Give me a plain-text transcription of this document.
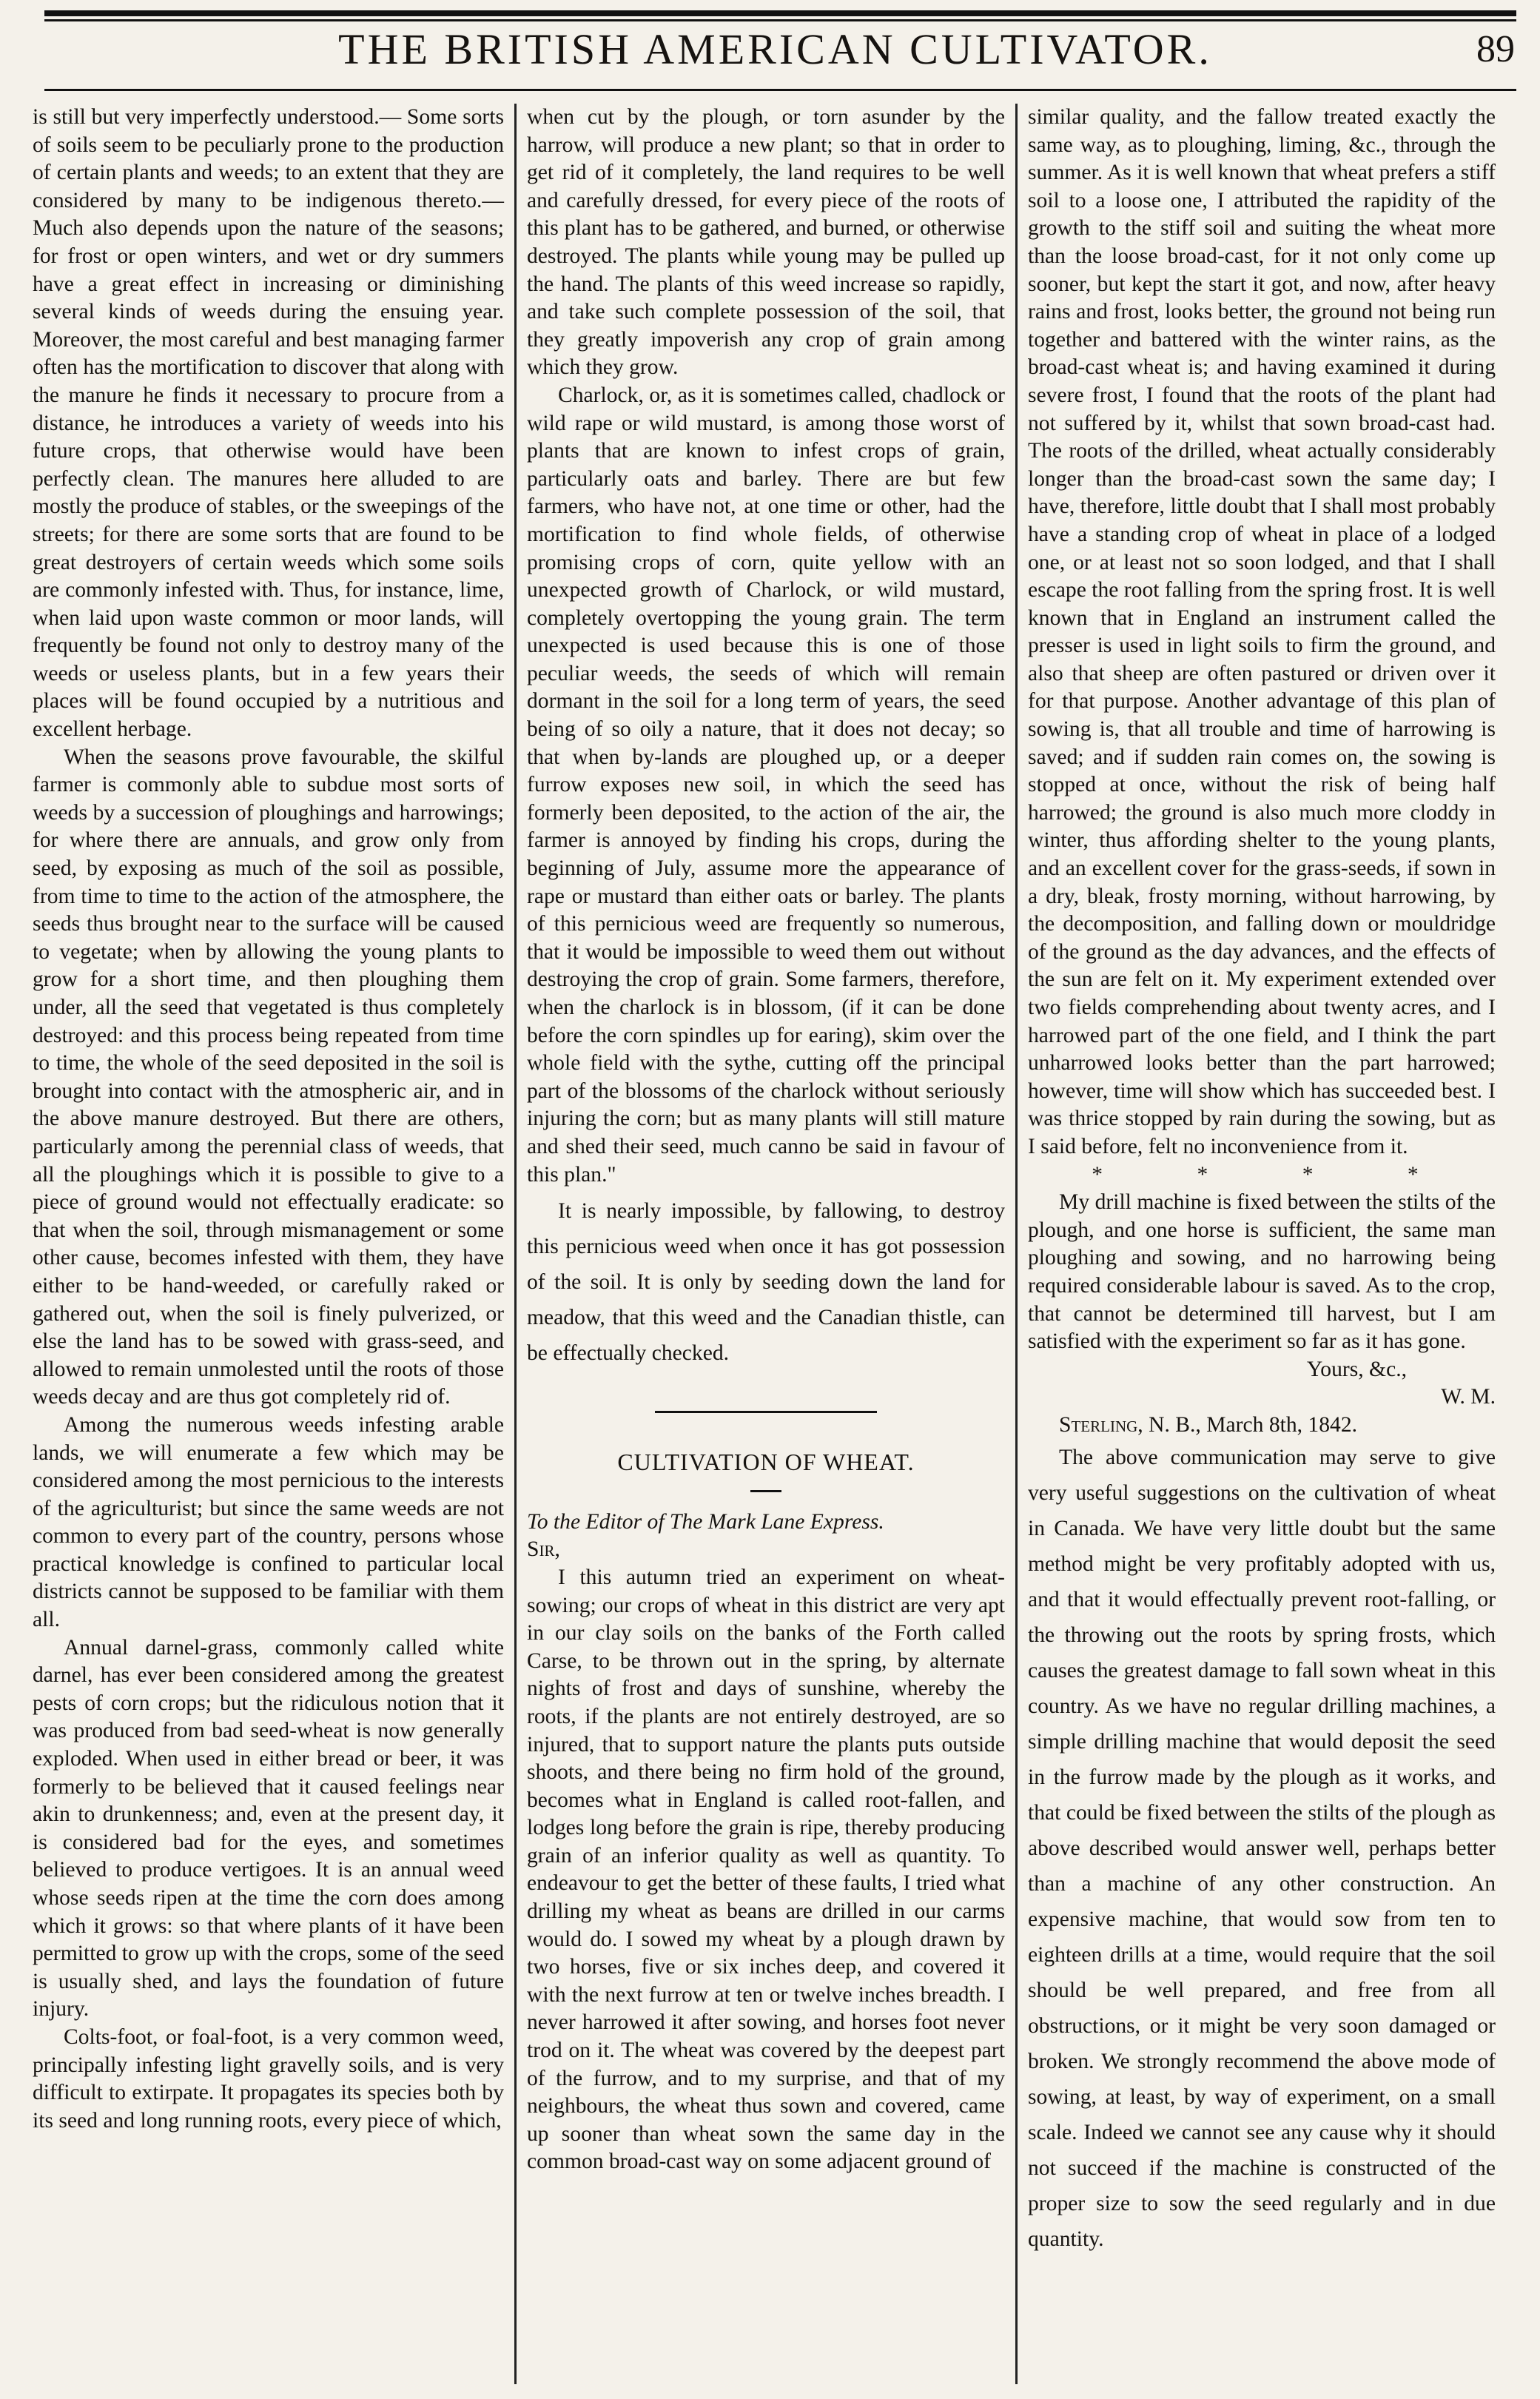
THE BRITISH AMERICAN CULTIVATOR.	89

is still but very imperfectly understood.— Some sorts of soils seem to be peculiarly prone to the production of certain plants and weeds; to an extent that they are considered by many to be indigenous thereto.— Much also depends upon the nature of the seasons; for frost or open winters, and wet or dry summers have a great effect in increasing or diminishing several kinds of weeds during the ensuing year. Moreover, the most careful and best managing farmer often has the mortification to discover that along with the manure he finds it necessary to procure from a distance, he introduces a variety of weeds into his future crops, that otherwise would have been perfectly clean. The manures here alluded to are mostly the produce of stables, or the sweepings of the streets; for there are some sorts that are found to be great destroyers of certain weeds which some soils are commonly infested with. Thus, for instance, lime, when laid upon waste common or moor lands, will frequently be found not only to destroy many of the weeds or useless plants, but in a few years their places will be found occupied by a nutritious and excellent herbage.

When the seasons prove favourable, the skilful farmer is commonly able to subdue most sorts of weeds by a succession of ploughings and harrowings; for where there are annuals, and grow only from seed, by exposing as much of the soil as possible, from time to time to the action of the atmosphere, the seeds thus brought near to the surface will be caused to vegetate; when by allowing the young plants to grow for a short time, and then ploughing them under, all the seed that vegetated is thus completely destroyed: and this process being repeated from time to time, the whole of the seed deposited in the soil is brought into contact with the atmospheric air, and in the above manure destroyed. But there are others, particularly among the perennial class of weeds, that all the ploughings which it is possible to give to a piece of ground would not effectually eradicate: so that when the soil, through mismanagement or some other cause, becomes infested with them, they have either to be hand-weeded, or carefully raked or gathered out, when the soil is finely pulverized, or else the land has to be sowed with grass-seed, and allowed to remain unmolested until the roots of those weeds decay and are thus got completely rid of.

Among the numerous weeds infesting arable lands, we will enumerate a few which may be considered among the most pernicious to the interests of the agriculturist; but since the same weeds are not common to every part of the country, persons whose practical knowledge is confined to particular local districts cannot be supposed to be familiar with them all.

Annual darnel-grass, commonly called white darnel, has ever been considered among the greatest pests of corn crops; but the ridiculous notion that it was produced from bad seed-wheat is now generally exploded. When used in either bread or beer, it was formerly to be believed that it caused feelings near akin to drunkenness; and, even at the present day, it is considered bad for the eyes, and sometimes believed to produce vertigoes. It is an annual weed whose seeds ripen at the time the corn does among which it grows: so that where plants of it have been permitted to grow up with the crops, some of the seed is usually shed, and lays the foundation of future injury.

Colts-foot, or foal-foot, is a very common weed, principally infesting light gravelly soils, and is very difficult to extirpate. It propagates its species both by its seed and long running roots, every piece of which,

when cut by the plough, or torn asunder by the harrow, will produce a new plant; so that in order to get rid of it completely, the land requires to be well and carefully dressed, for every piece of the roots of this plant has to be gathered, and burned, or otherwise destroyed. The plants while young may be pulled up the hand. The plants of this weed increase so rapidly, and take such complete possession of the soil, that they greatly impoverish any crop of grain among which they grow.

Charlock, or, as it is sometimes called, chadlock or wild rape or wild mustard, is among those worst of plants that are known to infest crops of grain, particularly oats and barley. There are but few farmers, who have not, at one time or other, had the mortification to find whole fields, of otherwise promising crops of corn, quite yellow with an unexpected growth of Charlock, or wild mustard, completely overtopping the young grain. The term unexpected is used because this is one of those peculiar weeds, the seeds of which will remain dormant in the soil for a long term of years, the seed being of so oily a nature, that it does not decay; so that when by-lands are ploughed up, or a deeper furrow exposes new soil, in which the seed has formerly been deposited, to the action of the air, the farmer is annoyed by finding his crops, during the beginning of July, assume more the appearance of rape or mustard than either oats or barley. The plants of this pernicious weed are frequently so numerous, that it would be impossible to weed them out without destroying the crop of grain. Some farmers, therefore, when the charlock is in blossom, (if it can be done before the corn spindles up for earing), skim over the whole field with the sythe, cutting off the principal part of the blossoms of the charlock without seriously injuring the corn; but as many plants will still mature and shed their seed, much canno be said in favour of this plan."

It is nearly impossible, by fallowing, to destroy this pernicious weed when once it has got possession of the soil. It is only by seeding down the land for meadow, that this weed and the Canadian thistle, can be effectually checked.

CULTIVATION OF WHEAT.

To the Editor of The Mark Lane Express.

Sir,

I this autumn tried an experiment on wheat-sowing; our crops of wheat in this district are very apt in our clay soils on the banks of the Forth called Carse, to be thrown out in the spring, by alternate nights of frost and days of sunshine, whereby the roots, if the plants are not entirely destroyed, are so injured, that to support nature the plants puts outside shoots, and there being no firm hold of the ground, becomes what in England is called root-fallen, and lodges long before the grain is ripe, thereby producing grain of an inferior quality as well as quantity. To endeavour to get the better of these faults, I tried what drilling my wheat as beans are drilled in our carms would do. I sowed my wheat by a plough drawn by two horses, five or six inches deep, and covered it with the next furrow at ten or twelve inches breadth. I never harrowed it after sowing, and horses foot never trod on it. The wheat was covered by the deepest part of the furrow, and to my surprise, and that of my neighbours, the wheat thus sown and covered, came up sooner than wheat sown the same day in the common broad-cast way on some adjacent ground of

similar quality, and the fallow treated exactly the same way, as to ploughing, liming, &c., through the summer. As it is well known that wheat prefers a stiff soil to a loose one, I attributed the rapidity of the growth to the stiff soil and suiting the wheat more than the loose broad-cast, for it not only come up sooner, but kept the start it got, and now, after heavy rains and frost, looks better, the ground not being run together and battered with the winter rains, as the broad-cast wheat is; and having examined it during severe frost, I found that the roots of the plant had not suffered by it, whilst that sown broad-cast had. The roots of the drilled, wheat actually considerably longer than the broad-cast sown the same day; I have, therefore, little doubt that I shall most probably have a standing crop of wheat in place of a lodged one, or at least not so soon lodged, and that I shall escape the root falling from the spring frost. It is well known that in England an instrument called the presser is used in light soils to firm the ground, and also that sheep are often pastured or driven over it for that purpose. Another advantage of this plan of sowing is, that all trouble and time of harrowing is saved; and if sudden rain comes on, the sowing is stopped at once, without the risk of being half harrowed; the ground is also much more cloddy in winter, thus affording shelter to the young plants, and an excellent cover for the grass-seeds, if sown in a dry, bleak, frosty morning, without harrowing, by the decomposition, and falling down or mouldridge of the ground as the day advances, and the effects of the sun are felt on it. My experiment extended over two fields comprehending about twenty acres, and I harrowed part of the one field, and I think the part unharrowed looks better than the part harrowed; however, time will show which has succeeded best. I was thrice stopped by rain during the sowing, but as I said before, felt no inconvenience from it.

* * * *

My drill machine is fixed between the stilts of the plough, and one horse is sufficient, the same man ploughing and sowing, and no harrowing being required considerable labour is saved. As to the crop, that cannot be determined till harvest, but I am satisfied with the experiment so far as it has gone.

Yours, &c.,

W. M.

Sterling, N. B., March 8th, 1842.

The above communication may serve to give very useful suggestions on the cultivation of wheat in Canada. We have very little doubt but the same method might be very profitably adopted with us, and that it would effectually prevent root-falling, or the throwing out the roots by spring frosts, which causes the greatest damage to fall sown wheat in this country. As we have no regular drilling machines, a simple drilling machine that would deposit the seed in the furrow made by the plough as it works, and that could be fixed between the stilts of the plough as above described would answer well, perhaps better than a machine of any other construction. An expensive machine, that would sow from ten to eighteen drills at a time, would require that the soil should be well prepared, and free from all obstructions, or it might be very soon damaged or broken. We strongly recommend the above mode of sowing, at least, by way of experiment, on a small scale. Indeed we cannot see any cause why it should not succeed if the machine is constructed of the proper size to sow the seed regularly and in due quantity.
